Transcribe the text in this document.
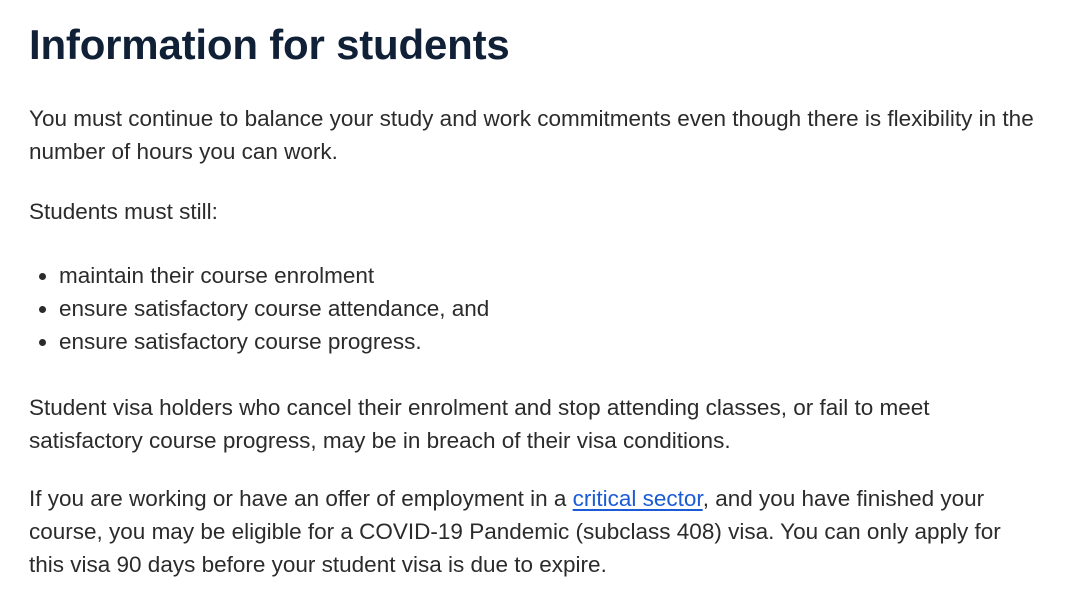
Information for students

You must continue to balance your study and work commitments even though there is flexibility in the number of hours you can work.

Students must still:

• maintain their course enrolment
• ensure satisfactory course attendance, and
• ensure satisfactory course progress.

Student visa holders who cancel their enrolment and stop attending classes, or fail to meet satisfactory course progress, may be in breach of their visa conditions.

If you are working or have an offer of employment in a critical sector, and you have finished your course, you may be eligible for a COVID-19 Pandemic (subclass 408) visa. You can only apply for this visa 90 days before your student visa is due to expire.
